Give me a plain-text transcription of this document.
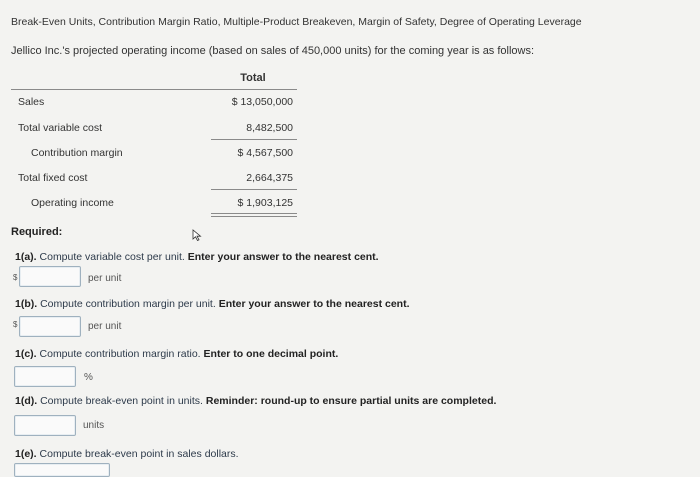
Break-Even Units, Contribution Margin Ratio, Multiple-Product Breakeven, Margin of Safety, Degree of Operating Leverage
Jellico Inc.'s projected operating income (based on sales of 450,000 units) for the coming year is as follows:
Total
Sales	$ 13,050,000
Total variable cost	8,482,500
Contribution margin	$ 4,567,500
Total fixed cost	2,664,375
Operating income	$ 1,903,125
Required:
1(a). Compute variable cost per unit. Enter your answer to the nearest cent.
$	per unit
1(b). Compute contribution margin per unit. Enter your answer to the nearest cent.
$	per unit
1(c). Compute contribution margin ratio. Enter to one decimal point.
%
1(d). Compute break-even point in units. Reminder: round-up to ensure partial units are completed.
units
1(e). Compute break-even point in sales dollars.
